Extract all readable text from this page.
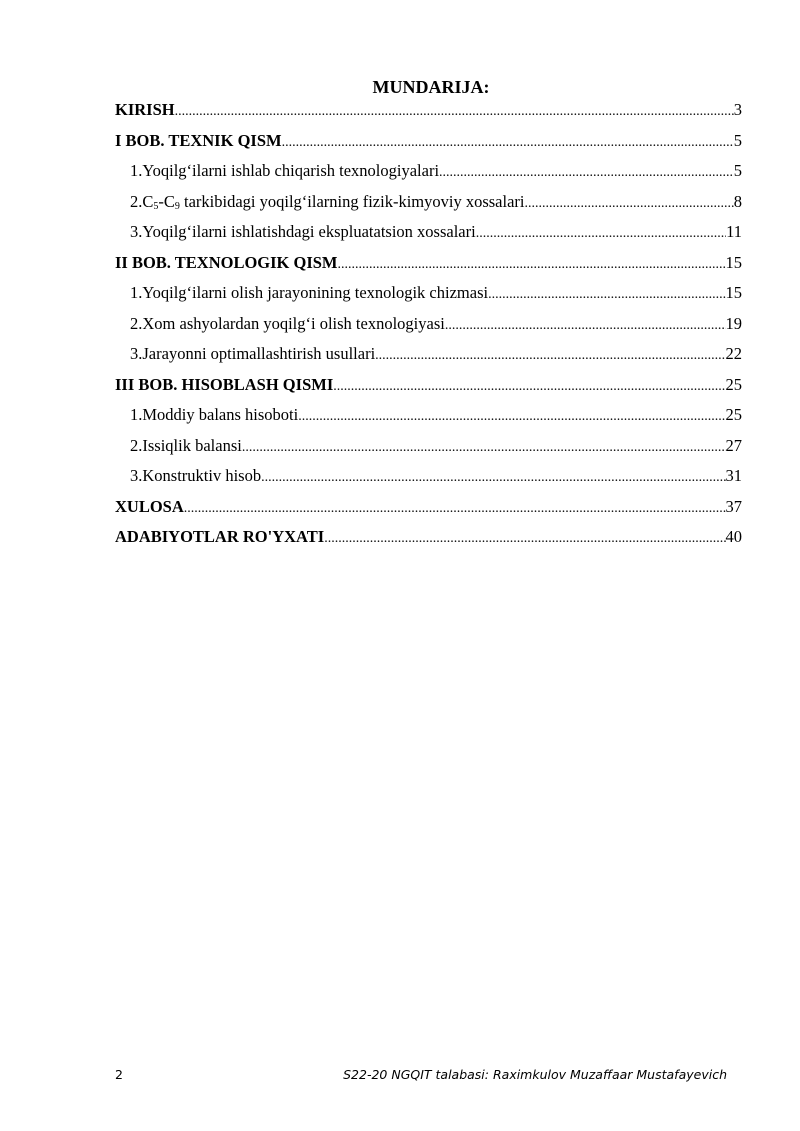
MUNDARIJA:
KIRISH .....	3
I BOB. TEXNIK QISM .....	5
1.Yoqilg‘ilarni ishlab chiqarish texnologiyalari .....	5
2.C5-C9 tarkibidagi yoqilg‘ilarning fizik-kimyoviy xossalari .....	8
3.Yoqilg‘ilarni ishlatishdagi ekspluatatsion xossalari .....	11
II BOB. TEXNOLOGIK QISM .....	15
1.Yoqilg‘ilarni olish jarayonining texnologik chizmasi .....	15
2.Xom ashyolardan yoqilg‘i olish texnologiyasi .....	19
3.Jarayonni optimallashtirish usullari .....	22
III BOB. HISOBLASH QISMI .....	25
1.Moddiy balans hisoboti .....	25
2.Issiqlik balansi .....	27
3.Konstruktiv hisob .....	31
XULOSA .....	37
ADABIYOTLAR RO'YXATI .....	40
2	S22-20 NGQIT talabasi: Raximkulov Muzaffaar Mustafayevich
